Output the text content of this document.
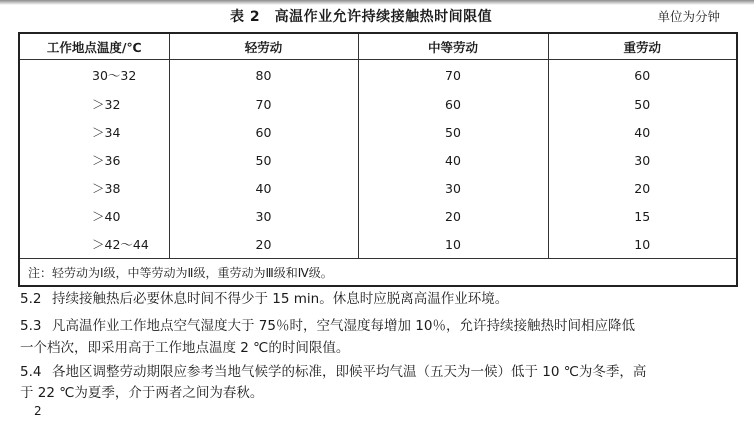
表 2　高温作业允许持续接触热时间限值	单位为分钟
工作地点温度/℃	轻劳动	中等劳动	重劳动
30～32	80	70	60
＞32	70	60	50
＞34	60	50	40
＞36	50	40	30
＞38	40	30	20
＞40	30	20	15
＞42～44	20	10	10
注：轻劳动为Ⅰ级，中等劳动为Ⅱ级，重劳动为Ⅲ级和Ⅳ级。			
5.2 持续接触热后必要休息时间不得少于 15 min。休息时应脱离高温作业环境。
5.3 凡高温作业工作地点空气湿度大于 75％时，空气湿度每增加 10％，允许持续接触热时间相应降低
一个档次，即采用高于工作地点温度 2 ℃的时间限值。
5.4 各地区调整劳动期限应参考当地气候学的标准，即候平均气温（五天为一候）低于 10 ℃为冬季，高
于 22 ℃为夏季，介于两者之间为春秋。
2
